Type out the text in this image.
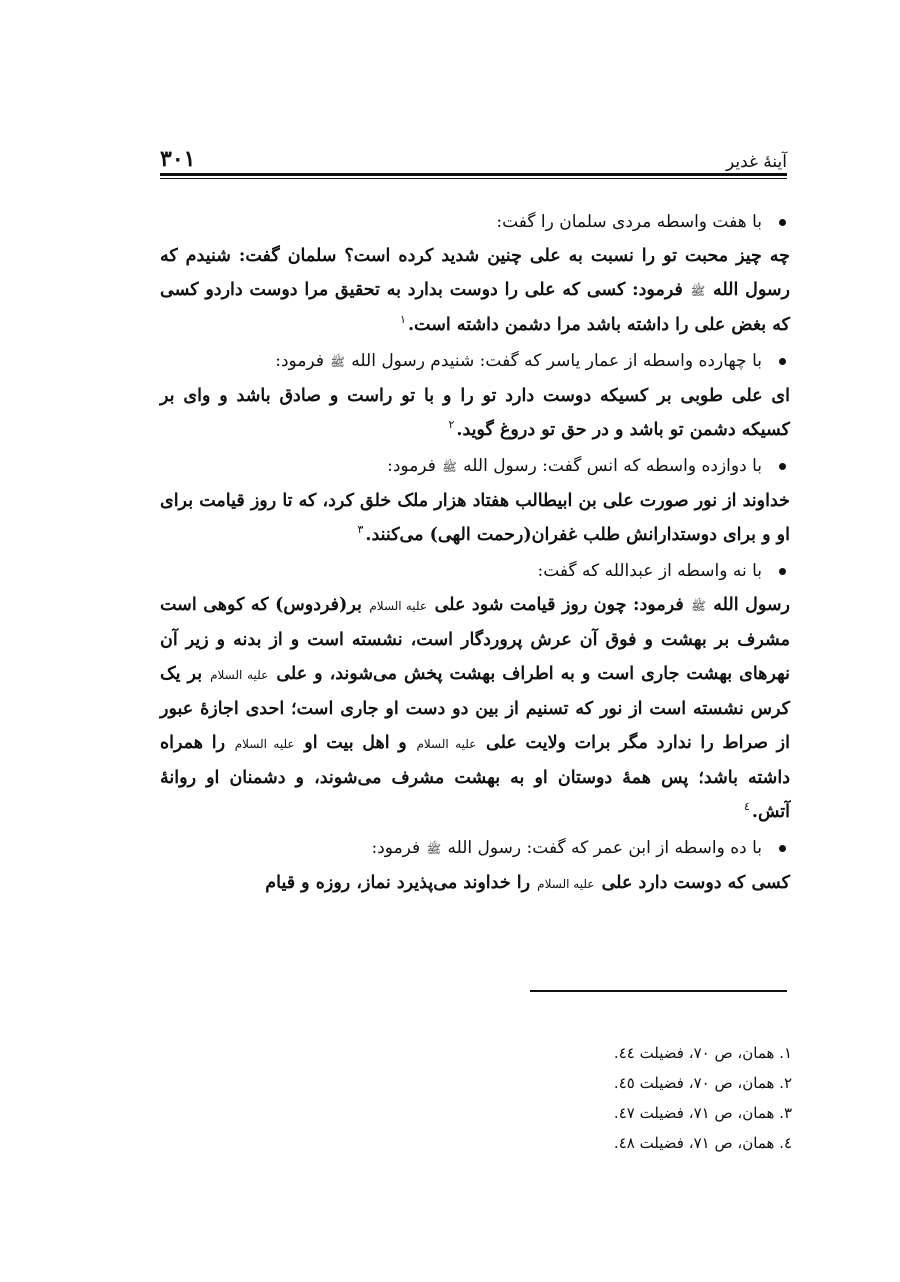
آینهٔ غدیر
۳۰۱
با هفت واسطه مردی سلمان را گفت:
چه چیز محبت تو را نسبت به علی چنین شدید کرده است؟ سلمان گفت: شنیدم که رسول الله ﷺ فرمود: کسی که علی را دوست بدارد به تحقیق مرا دوست داردو کسی که بغض علی را داشته باشد مرا دشمن داشته است.$^١$
با چهارده واسطه از عمار یاسر که گفت: شنیدم رسول الله ﷺ فرمود:
ای علی طوبی بر کسیکه دوست دارد تو را و با تو راست و صادق باشد و وای بر کسیکه دشمن تو باشد و در حق تو دروغ گوید.$^٢$
با دوازده واسطه که انس گفت: رسول الله ﷺ فرمود:
خداوند از نور صورت علی بن ابیطالب هفتاد هزار ملک خلق کرد، که تا روز قیامت برای او و برای دوستدارانش طلب غفران(رحمت الهی) می‌کنند.$^٣$
با نه واسطه از عبدالله که گفت:
رسول الله ﷺ فرمود: چون روز قیامت شود علی عليه السلام بر(فردوس) که کوهی است مشرف بر بهشت و فوق آن عرش پروردگار است، نشسته است و از بدنه و زیر آن نهرهای بهشت جاری است و به اطراف بهشت پخش می‌شوند، و علی عليه السلام بر یک کرس نشسته است از نور که تسنیم از بین دو دست او جاری است؛ احدی اجازهٔ عبور از صراط را ندارد مگر برات ولایت علی عليه السلام و اهل بیت او عليه السلام را همراه داشته باشد؛ پس همهٔ دوستان او به بهشت مشرف می‌شوند، و دشمنان او روانهٔ آتش.$^٤$
با ده واسطه از ابن عمر که گفت: رسول الله ﷺ فرمود:
کسی که دوست دارد علی عليه السلام را خداوند می‌پذیرد نماز، روزه و قیام
١. همان، ص ٧٠، فضیلت ٤٤.
٢. همان، ص ٧٠، فضیلت ٤٥.
٣. همان، ص ٧١، فضیلت ٤٧.
٤. همان، ص ٧١، فضیلت ٤٨.
